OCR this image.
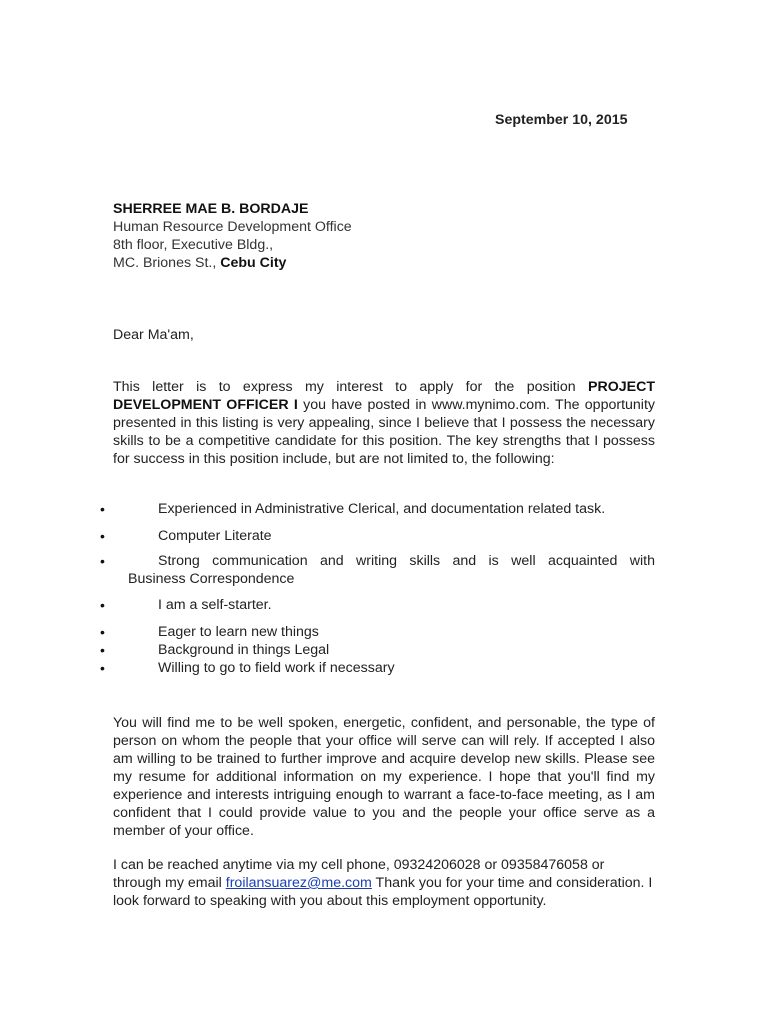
September 10, 2015
SHERREE MAE B. BORDAJE
Human Resource Development Office
8th floor, Executive Bldg.,
MC. Briones St., Cebu City
Dear Ma'am,
This letter is to express my interest to apply for the position PROJECT DEVELOPMENT OFFICER I you have posted in www.mynimo.com. The opportunity presented in this listing is very appealing, since I believe that I possess the necessary skills to be a competitive candidate for this position. The key strengths that I possess for success in this position include, but are not limited to, the following:
•	Experienced in Administrative Clerical, and documentation related task.
•	Computer Literate
•	Strong communication and writing skills and is well acquainted with
Business Correspondence
•	I am a self-starter.
•	Eager to learn new things
•	Background in things Legal
•	Willing to go to field work if necessary
You will find me to be well spoken, energetic, confident, and personable, the type of person on whom the people that your office will serve can will rely. If accepted I also am willing to be trained to further improve and acquire develop new skills. Please see my resume for additional information on my experience. I hope that you'll find my experience and interests intriguing enough to warrant a face-to-face meeting, as I am confident that I could provide value to you and the people your office serve as a member of your office.
I can be reached anytime via my cell phone, 09324206028 or 09358476058 or through my email froilansuarez@me.com Thank you for your time and consideration. I look forward to speaking with you about this employment opportunity.
